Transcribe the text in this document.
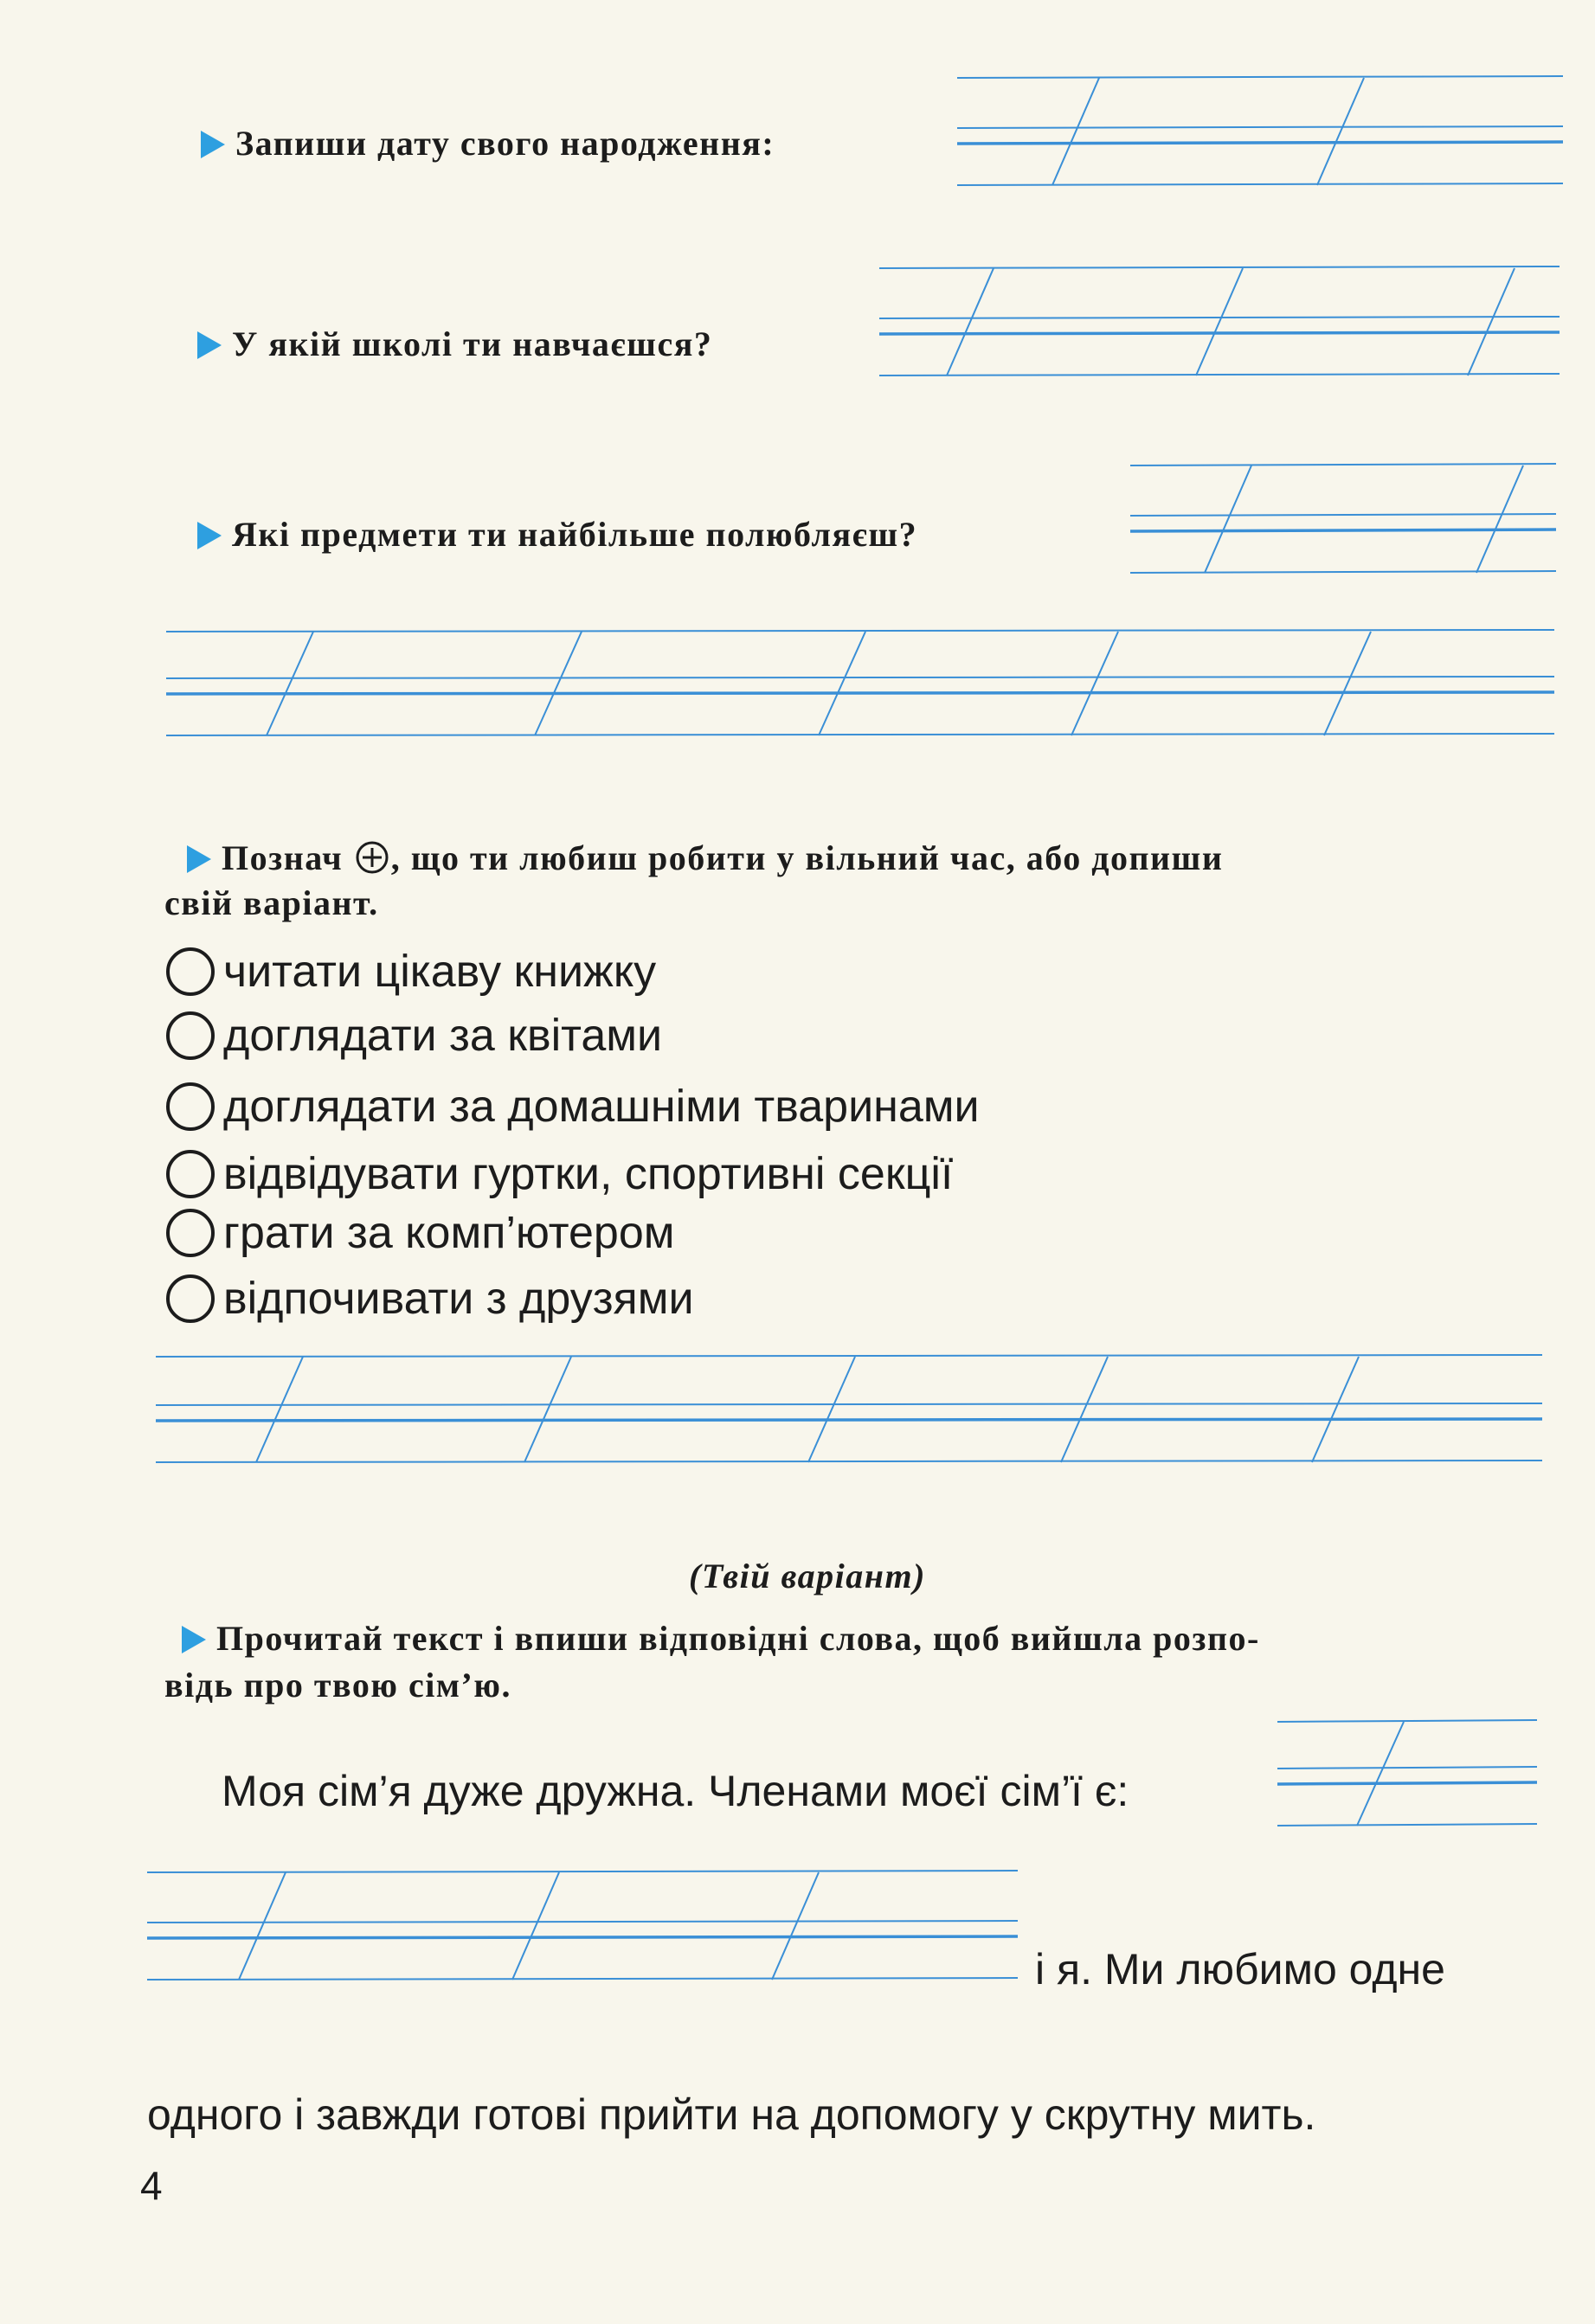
Запиши дату свого народження:
У якій школі ти навчаєшся?
Які предмети ти найбільше полюбляєш?
Познач , що ти любиш робити у вільний час, або допиши
свій варіант.
читати цікаву книжку
доглядати за квітами
доглядати за домашніми тваринами
відвідувати гуртки, спортивні секції
грати за комп’ютером
відпочивати з друзями
(Твій варіант)
Прочитай текст і впиши відповідні слова, щоб вийшла розпо-
відь про твою сім’ю.
Моя сім’я дуже дружна. Членами моєї сім’ї є:
і я. Ми любимо одне
одного і завжди готові прийти на допомогу у скрутну мить.
4
